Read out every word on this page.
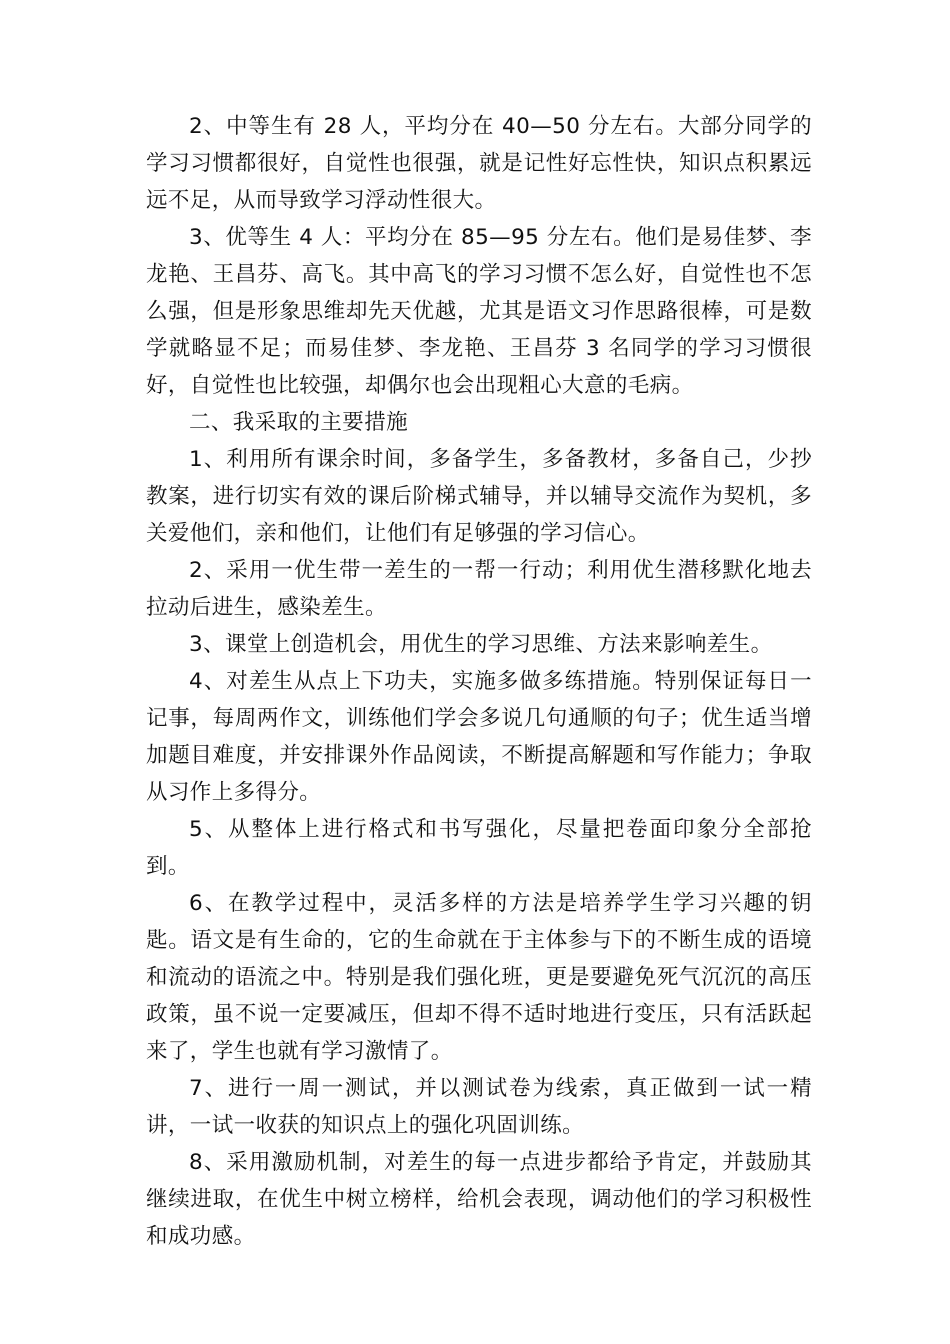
2、中等生有 28 人，平均分在 40—50 分左右。大部分同学的学习习惯都很好，自觉性也很强，就是记性好忘性快，知识点积累远远不足，从而导致学习浮动性很大。

3、优等生 4 人：平均分在 85—95 分左右。他们是易佳梦、李龙艳、王昌芬、高飞。其中高飞的学习习惯不怎么好，自觉性也不怎么强，但是形象思维却先天优越，尤其是语文习作思路很棒，可是数学就略显不足；而易佳梦、李龙艳、王昌芬 3 名同学的学习习惯很好，自觉性也比较强，却偶尔也会出现粗心大意的毛病。

二、我采取的主要措施

1、利用所有课余时间，多备学生，多备教材，多备自己，少抄教案，进行切实有效的课后阶梯式辅导，并以辅导交流作为契机，多关爱他们，亲和他们，让他们有足够强的学习信心。

2、采用一优生带一差生的一帮一行动；利用优生潜移默化地去拉动后进生，感染差生。

3、课堂上创造机会，用优生的学习思维、方法来影响差生。

4、对差生从点上下功夫，实施多做多练措施。特别保证每日一记事，每周两作文，训练他们学会多说几句通顺的句子；优生适当增加题目难度，并安排课外作品阅读，不断提高解题和写作能力；争取从习作上多得分。

5、从整体上进行格式和书写强化，尽量把卷面印象分全部抢到。

6、在教学过程中，灵活多样的方法是培养学生学习兴趣的钥匙。语文是有生命的，它的生命就在于主体参与下的不断生成的语境和流动的语流之中。特别是我们强化班，更是要避免死气沉沉的高压政策，虽不说一定要减压，但却不得不适时地进行变压，只有活跃起来了，学生也就有学习激情了。

7、进行一周一测试，并以测试卷为线索，真正做到一试一精讲，一试一收获的知识点上的强化巩固训练。

8、采用激励机制，对差生的每一点进步都给予肯定，并鼓励其继续进取，在优生中树立榜样，给机会表现，调动他们的学习积极性和成功感。
